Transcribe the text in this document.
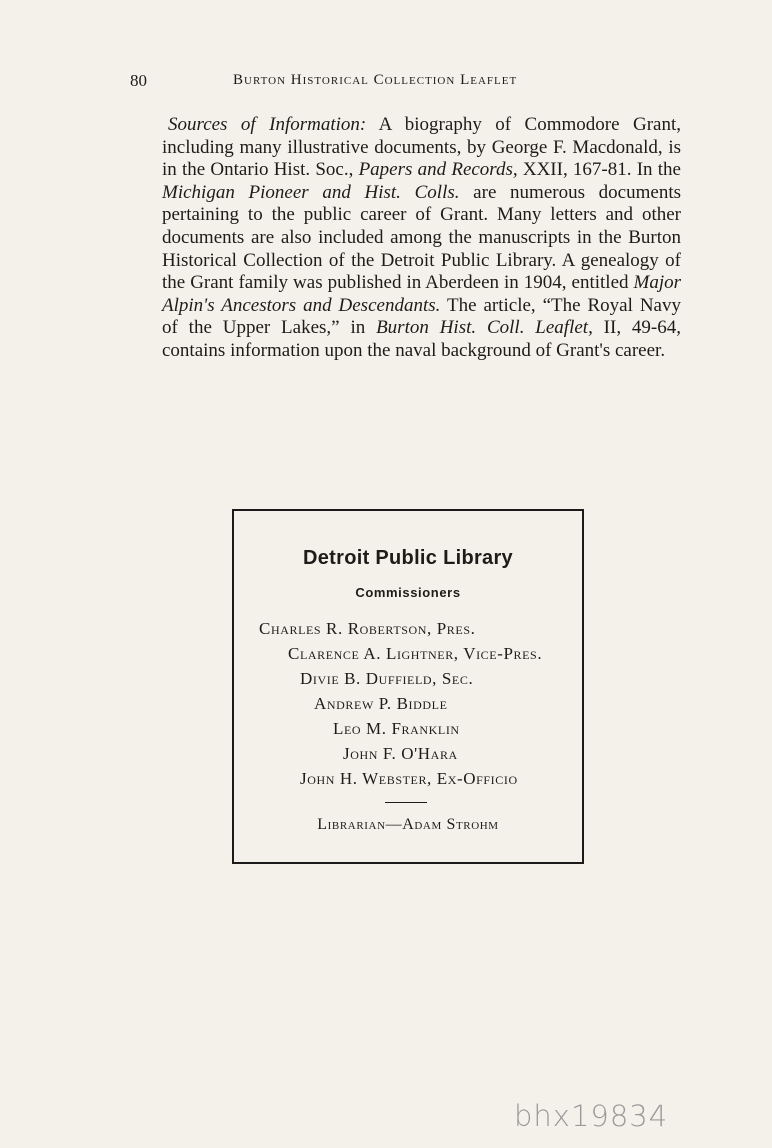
80	Burton Historical Collection Leaflet

Sources of Information: A biography of Commodore Grant, including many illustrative documents, by George F. Macdonald, is in the Ontario Hist. Soc., Papers and Records, XXII, 167-81. In the Michigan Pioneer and Hist. Colls. are numerous documents pertaining to the public career of Grant. Many letters and other documents are also included among the manuscripts in the Burton Historical Collection of the Detroit Public Library. A genealogy of the Grant family was published in Aberdeen in 1904, entitled Major Alpin's Ancestors and Descendants. The article, “The Royal Navy of the Upper Lakes,” in Burton Hist. Coll. Leaflet, II, 49-64, contains information upon the naval background of Grant's career.

Detroit Public Library
Commissioners
Charles R. Robertson, Pres.
Clarence A. Lightner, Vice-Pres.
Divie B. Duffield, Sec.
Andrew P. Biddle
Leo M. Franklin
John F. O'Hara
John H. Webster, Ex-Officio
Librarian—Adam Strohm
bhx19834
